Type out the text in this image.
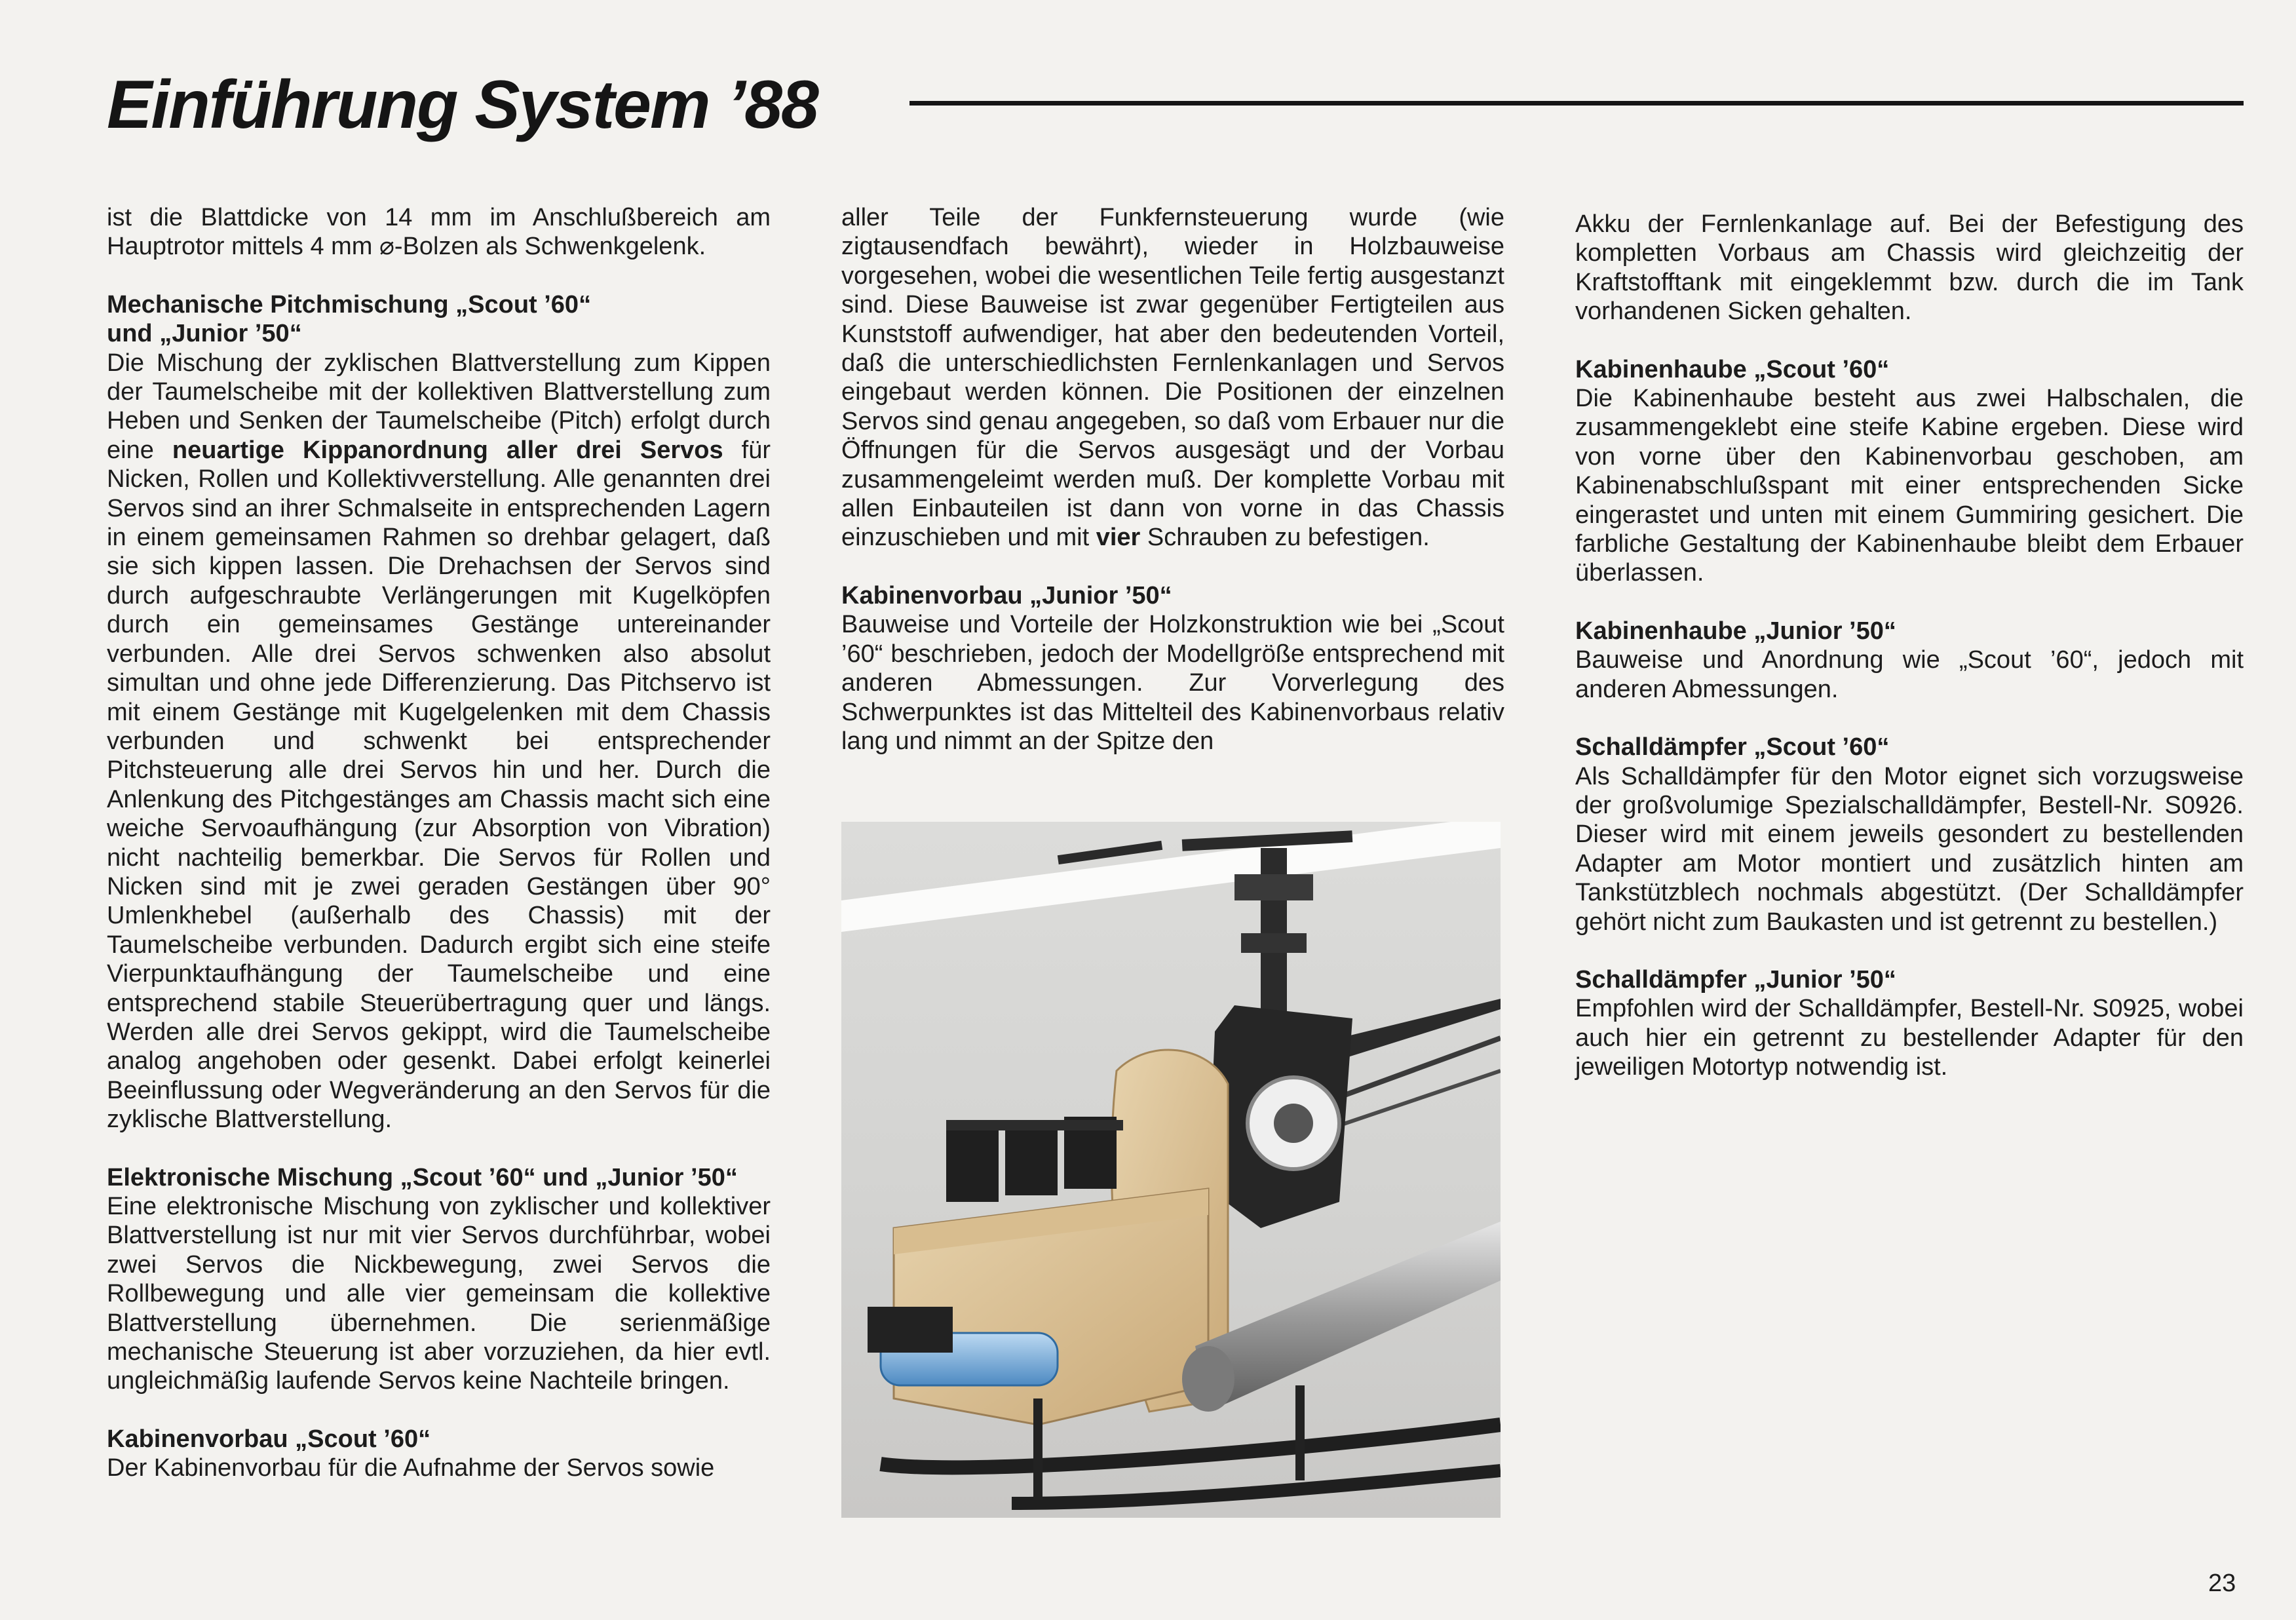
Einführung System ’88

ist die Blattdicke von 14 mm im Anschlußbereich am Hauptrotor mittels 4 mm ⌀-Bolzen als Schwenkgelenk.

Mechanische Pitchmischung „Scout ’60“
und „Junior ’50“

Die Mischung der zyklischen Blattverstellung zum Kippen der Taumelscheibe mit der kollektiven Blattverstellung zum Heben und Senken der Taumelscheibe (Pitch) erfolgt durch eine neuartige Kippanordnung aller drei Servos für Nicken, Rollen und Kollektivverstellung. Alle genannten drei Servos sind an ihrer Schmalseite in entsprechenden Lagern in einem gemeinsamen Rahmen so drehbar gelagert, daß sie sich kippen lassen. Die Drehachsen der Servos sind durch aufgeschraubte Verlängerungen mit Kugelköpfen durch ein gemeinsames Gestänge untereinander verbunden. Alle drei Servos schwenken also absolut simultan und ohne jede Differenzierung. Das Pitchservo ist mit einem Gestänge mit Kugelgelenken mit dem Chassis verbunden und schwenkt bei entsprechender Pitchsteuerung alle drei Servos hin und her. Durch die Anlenkung des Pitchgestänges am Chassis macht sich eine weiche Servoaufhängung (zur Absorption von Vibration) nicht nachteilig bemerkbar. Die Servos für Rollen und Nicken sind mit je zwei geraden Gestängen über 90° Umlenkhebel (außerhalb des Chassis) mit der Taumelscheibe verbunden. Dadurch ergibt sich eine steife Vierpunktaufhängung der Taumelscheibe und eine entsprechend stabile Steuerübertragung quer und längs. Werden alle drei Servos gekippt, wird die Taumelscheibe analog angehoben oder gesenkt. Dabei erfolgt keinerlei Beeinflussung oder Wegveränderung an den Servos für die zyklische Blattverstellung.

Elektronische Mischung „Scout ’60“ und „Junior ’50“

Eine elektronische Mischung von zyklischer und kollektiver Blattverstellung ist nur mit vier Servos durchführbar, wobei zwei Servos die Nickbewegung, zwei Servos die Rollbewegung und alle vier gemeinsam die kollektive Blattverstellung übernehmen. Die serienmäßige mechanische Steuerung ist aber vorzuziehen, da hier evtl. ungleichmäßig laufende Servos keine Nachteile bringen.

Kabinenvorbau „Scout ’60“

Der Kabinenvorbau für die Aufnahme der Servos sowie

aller Teile der Funkfernsteuerung wurde (wie zigtausendfach bewährt), wieder in Holzbauweise vorgesehen, wobei die wesentlichen Teile fertig ausgestanzt sind. Diese Bauweise ist zwar gegenüber Fertigteilen aus Kunststoff aufwendiger, hat aber den bedeutenden Vorteil, daß die unterschiedlichsten Fernlenkanlagen und Servos eingebaut werden können. Die Positionen der einzelnen Servos sind genau angegeben, so daß vom Erbauer nur die Öffnungen für die Servos ausgesägt und der Vorbau zusammengeleimt werden muß. Der komplette Vorbau mit allen Einbauteilen ist dann von vorne in das Chassis einzuschieben und mit vier Schrauben zu befestigen.

Kabinenvorbau „Junior ’50“

Bauweise und Vorteile der Holzkonstruktion wie bei „Scout ’60“ beschrieben, jedoch der Modellgröße entsprechend mit anderen Abmessungen. Zur Vorverlegung des Schwerpunktes ist das Mittelteil des Kabinenvorbaus relativ lang und nimmt an der Spitze den

Akku der Fernlenkanlage auf. Bei der Befestigung des kompletten Vorbaus am Chassis wird gleichzeitig der Kraftstofftank mit eingeklemmt bzw. durch die im Tank vorhandenen Sicken gehalten.

Kabinenhaube „Scout ’60“

Die Kabinenhaube besteht aus zwei Halbschalen, die zusammengeklebt eine steife Kabine ergeben. Diese wird von vorne über den Kabinenvorbau geschoben, am Kabinenabschlußspant mit einer entsprechenden Sicke eingerastet und unten mit einem Gummiring gesichert. Die farbliche Gestaltung der Kabinenhaube bleibt dem Erbauer überlassen.

Kabinenhaube „Junior ’50“

Bauweise und Anordnung wie „Scout ’60“, jedoch mit anderen Abmessungen.

Schalldämpfer „Scout ’60“

Als Schalldämpfer für den Motor eignet sich vorzugsweise der großvolumige Spezialschalldämpfer, Bestell-Nr. S0926. Dieser wird mit einem jeweils gesondert zu bestellenden Adapter am Motor montiert und zusätzlich hinten am Tankstützblech nochmals abgestützt. (Der Schalldämpfer gehört nicht zum Baukasten und ist getrennt zu bestellen.)

Schalldämpfer „Junior ’50“

Empfohlen wird der Schalldämpfer, Bestell-Nr. S0925, wobei auch hier ein getrennt zu bestellender Adapter für den jeweiligen Motortyp notwendig ist.

23
